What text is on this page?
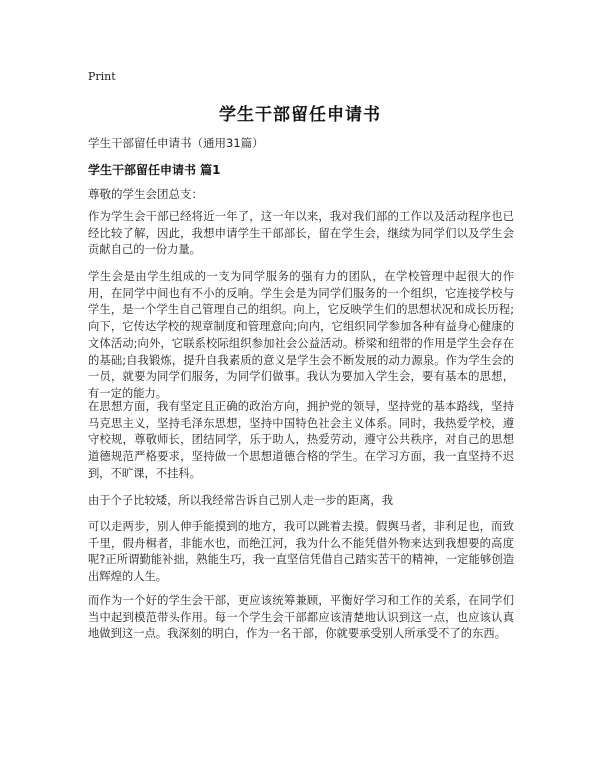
Print
学生干部留任申请书
学生干部留任申请书（通用31篇）
学生干部留任申请书 篇1
尊敬的学生会团总支：

作为学生会干部已经将近一年了，这一年以来，我对我们部的工作以及活动程序也已经比较了解，因此，我想申请学生干部部长，留在学生会，继续为同学们以及学生会贡献自己的一份力量。

学生会是由学生组成的一支为同学服务的强有力的团队，在学校管理中起很大的作用，在同学中间也有不小的反响。学生会是为同学们服务的一个组织，它连接学校与学生，是一个学生自己管理自己的组织。向上，它反映学生们的思想状况和成长历程;向下，它传达学校的规章制度和管理意向;向内，它组织同学参加各种有益身心健康的文体活动;向外，它联系校际组织参加社会公益活动。桥梁和纽带的作用是学生会存在的基础;自我锻炼，提升自我素质的意义是学生会不断发展的动力源泉。作为学生会的一员，就要为同学们服务，为同学们做事。我认为要加入学生会，要有基本的思想，有一定的能力。

在思想方面，我有坚定且正确的政治方向，拥护党的领导，坚持党的基本路线，坚持马克思主义，坚持毛泽东思想，坚持中国特色社会主义体系。同时，我热爱学校，遵守校规，尊敬师长，团结同学，乐于助人，热爱劳动，遵守公共秩序，对自己的思想道德规范严格要求，坚持做一个思想道德合格的学生。在学习方面，我一直坚持不迟到，不旷课，不挂科。

由于个子比较矮，所以我经常告诉自己别人走一步的距离，我

可以走两步，别人伸手能摸到的地方，我可以跳着去摸。假舆马者，非利足也，而致千里，假舟楫者，非能水也，而绝江河，我为什么不能凭借外物来达到我想要的高度呢?正所谓勤能补拙，熟能生巧，我一直坚信凭借自己踏实苦干的精神，一定能够创造出辉煌的人生。

而作为一个好的学生会干部，更应该统筹兼顾，平衡好学习和工作的关系，在同学们当中起到模范带头作用。每一个学生会干部都应该清楚地认识到这一点，也应该认真地做到这一点。我深刻的明白，作为一名干部，你就要承受别人所承受不了的东西。
